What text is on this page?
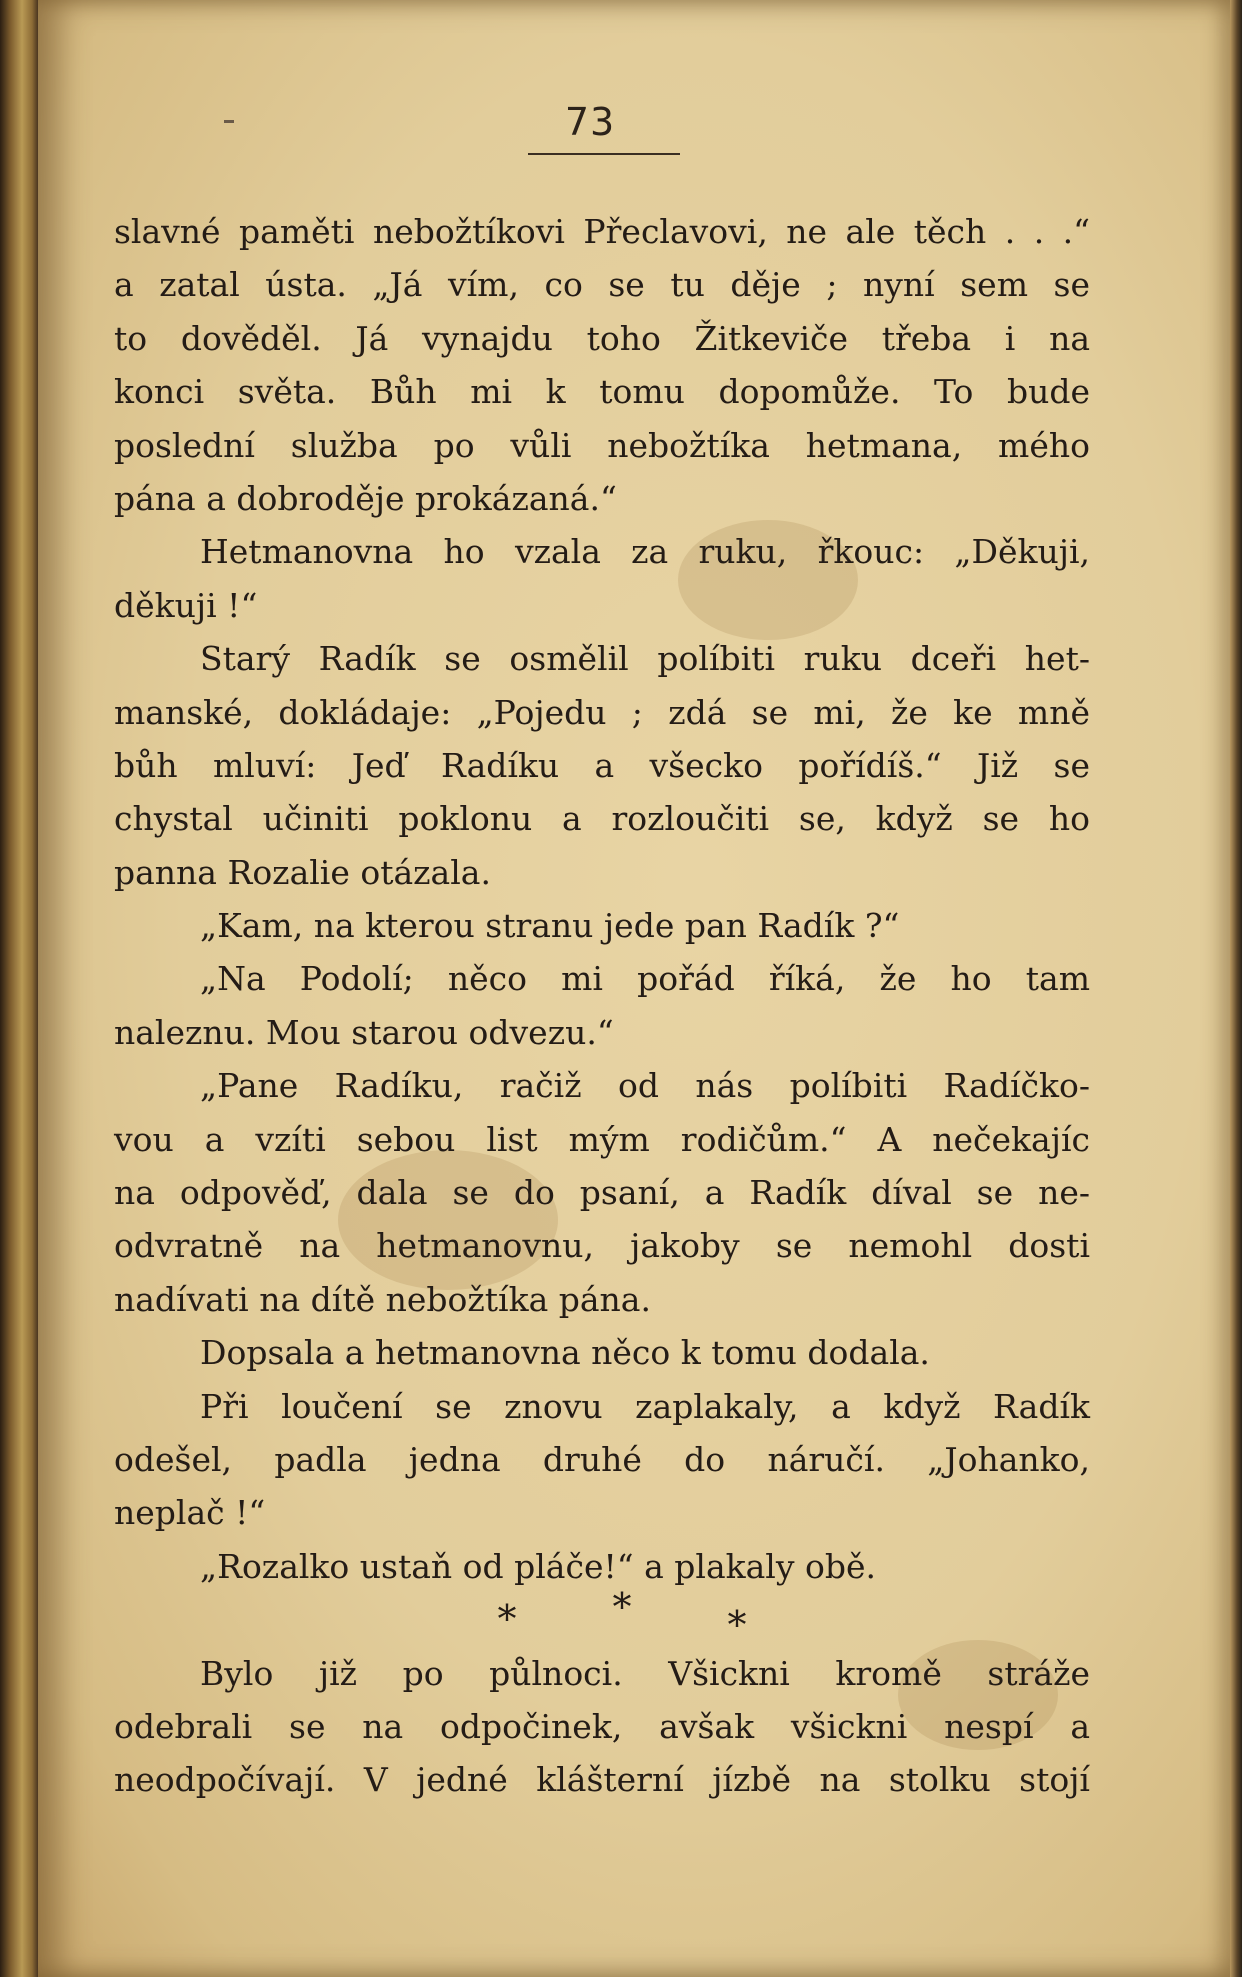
73
slavné paměti nebožtíkovi Přeclavovi, ne ale těch . . .“
a zatal ústa. „Já vím, co se tu děje ; nyní sem se
to dověděl. Já vynajdu toho Žitkeviče třeba i na
konci světa. Bůh mi k tomu dopomůže. To bude
poslední služba po vůli nebožtíka hetmana, mého
pána a dobroděje prokázaná.“
Hetmanovna ho vzala za ruku, řkouc: „Děkuji,
děkuji !“
Starý Radík se osmělil políbiti ruku dceři het-
manské, dokládaje: „Pojedu ; zdá se mi, že ke mně
bůh mluví: Jeď Radíku a všecko pořídíš.“ Již se
chystal učiniti poklonu a rozloučiti se, když se ho
panna Rozalie otázala.
„Kam, na kterou stranu jede pan Radík ?“
„Na Podolí; něco mi pořád říká, že ho tam
naleznu. Mou starou odvezu.“
„Pane Radíku, račiž od nás políbiti Radíčko-
vou a vzíti sebou list mým rodičům.“ A nečekajíc
na odpověď, dala se do psaní, a Radík díval se ne-
odvratně na hetmanovnu, jakoby se nemohl dosti
nadívati na dítě nebožtíka pána.
Dopsala a hetmanovna něco k tomu dodala.
Při loučení se znovu zaplakaly, a když Radík
odešel, padla jedna druhé do náručí. „Johanko,
neplač !“
„Rozalko ustaň od pláče!“ a plakaly obě.
*	*	*
Bylo již po půlnoci. Všickni kromě stráže
odebrali se na odpočinek, avšak všickni nespí a
neodpočívají. V jedné klášterní jízbě na stolku stojí
